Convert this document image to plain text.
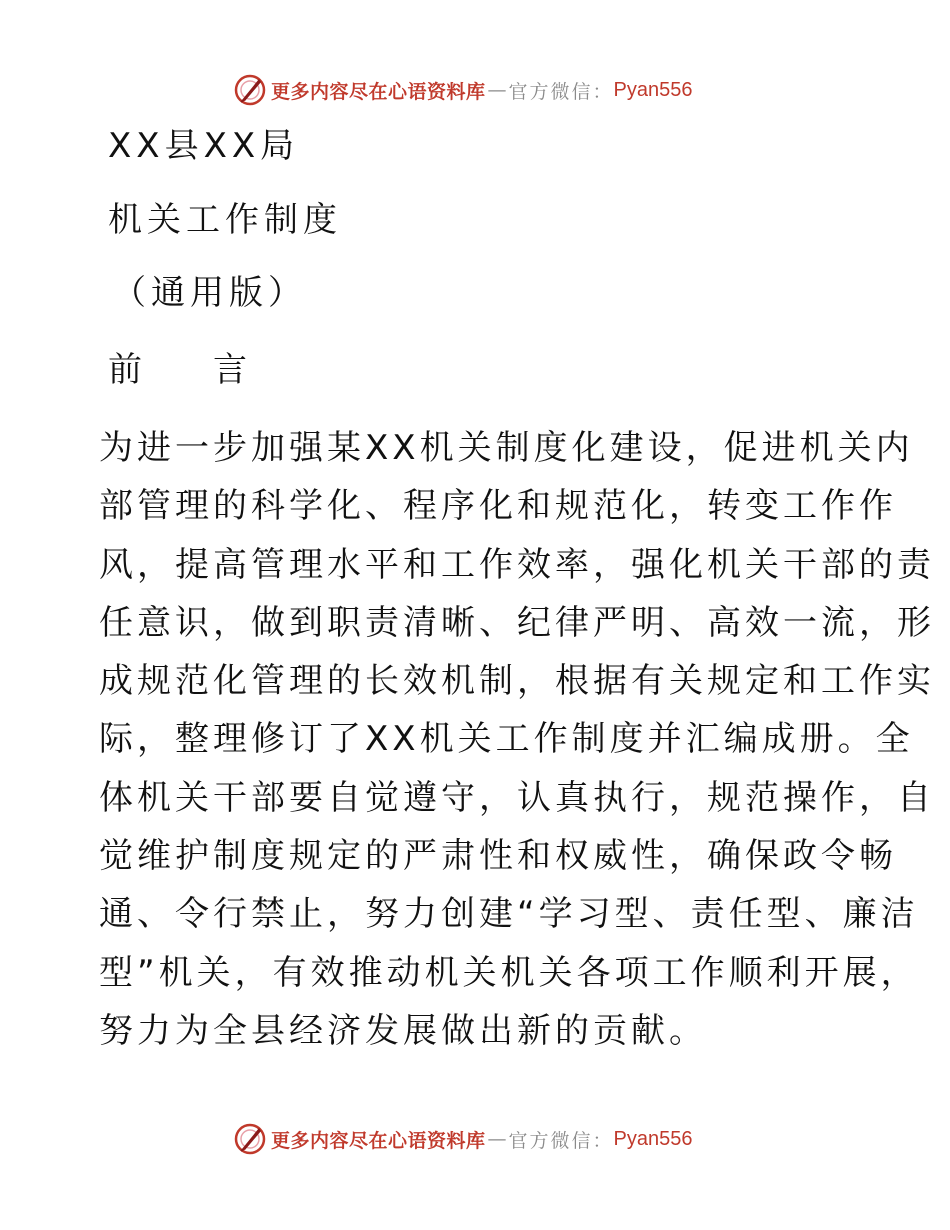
更多内容尽在心语资料库 — 官方微信： Pyan556
XX县XX局
机关工作制度
（通用版）
前 言
为进一步加强某XX机关制度化建设，促进机关内
部管理的科学化、程序化和规范化，转变工作作
风，提高管理水平和工作效率，强化机关干部的责
任意识，做到职责清晰、纪律严明、高效一流，形
成规范化管理的长效机制，根据有关规定和工作实
际，整理修订了XX机关工作制度并汇编成册。全
体机关干部要自觉遵守，认真执行，规范操作，自
觉维护制度规定的严肃性和权威性，确保政令畅
通、令行禁止，努力创建“学习型、责任型、廉洁
型”机关，有效推动机关机关各项工作顺利开展，
努力为全县经济发展做出新的贡献。
更多内容尽在心语资料库 — 官方微信： Pyan556
